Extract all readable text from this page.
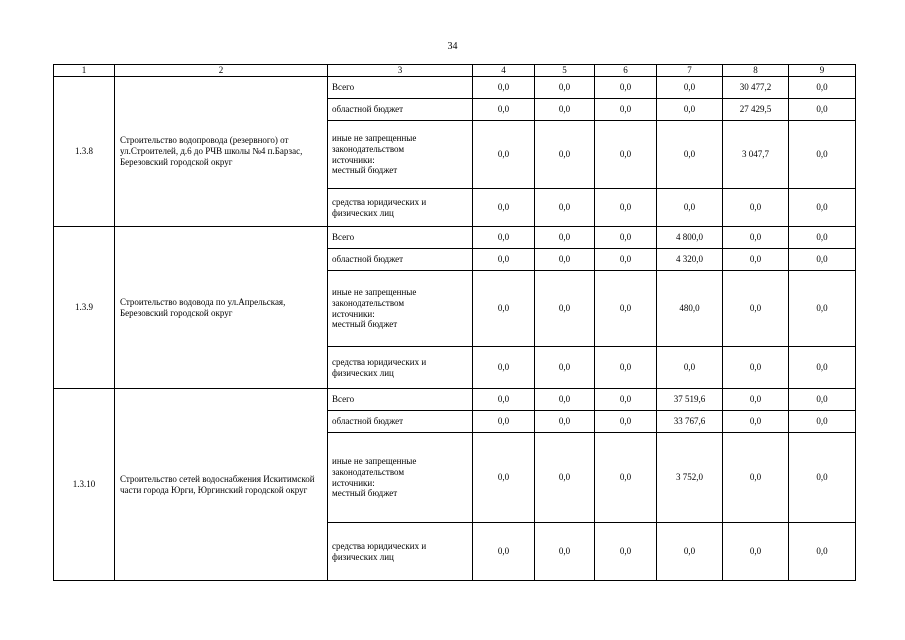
34
1	2	3	4	5	6	7	8	9
1.3.8	Строительство водопровода (резервного) от ул.Строителей, д.6 до РЧВ школы №4 п.Барзас, Березовский городской округ	Всего	0,0	0,0	0,0	0,0	30 477,2	0,0
		областной бюджет	0,0	0,0	0,0	0,0	27 429,5	0,0
		иные не запрещенные
законодательством
источники:
местный бюджет	0,0	0,0	0,0	0,0	3 047,7	0,0
		средства юридических и
физических лиц	0,0	0,0	0,0	0,0	0,0	0,0
1.3.9	Строительство водовода по ул.Апрельская, Березовский городской округ	Всего	0,0	0,0	0,0	4 800,0	0,0	0,0
		областной бюджет	0,0	0,0	0,0	4 320,0	0,0	0,0
		иные не запрещенные
законодательством
источники:
местный бюджет	0,0	0,0	0,0	480,0	0,0	0,0
		средства юридических и
физических лиц	0,0	0,0	0,0	0,0	0,0	0,0
1.3.10	Строительство сетей водоснабжения Искитимской части города Юрги, Юргинский городской округ	Всего	0,0	0,0	0,0	37 519,6	0,0	0,0
		областной бюджет	0,0	0,0	0,0	33 767,6	0,0	0,0
		иные не запрещенные
законодательством
источники:
местный бюджет	0,0	0,0	0,0	3 752,0	0,0	0,0
		средства юридических и
физических лиц	0,0	0,0	0,0	0,0	0,0	0,0
